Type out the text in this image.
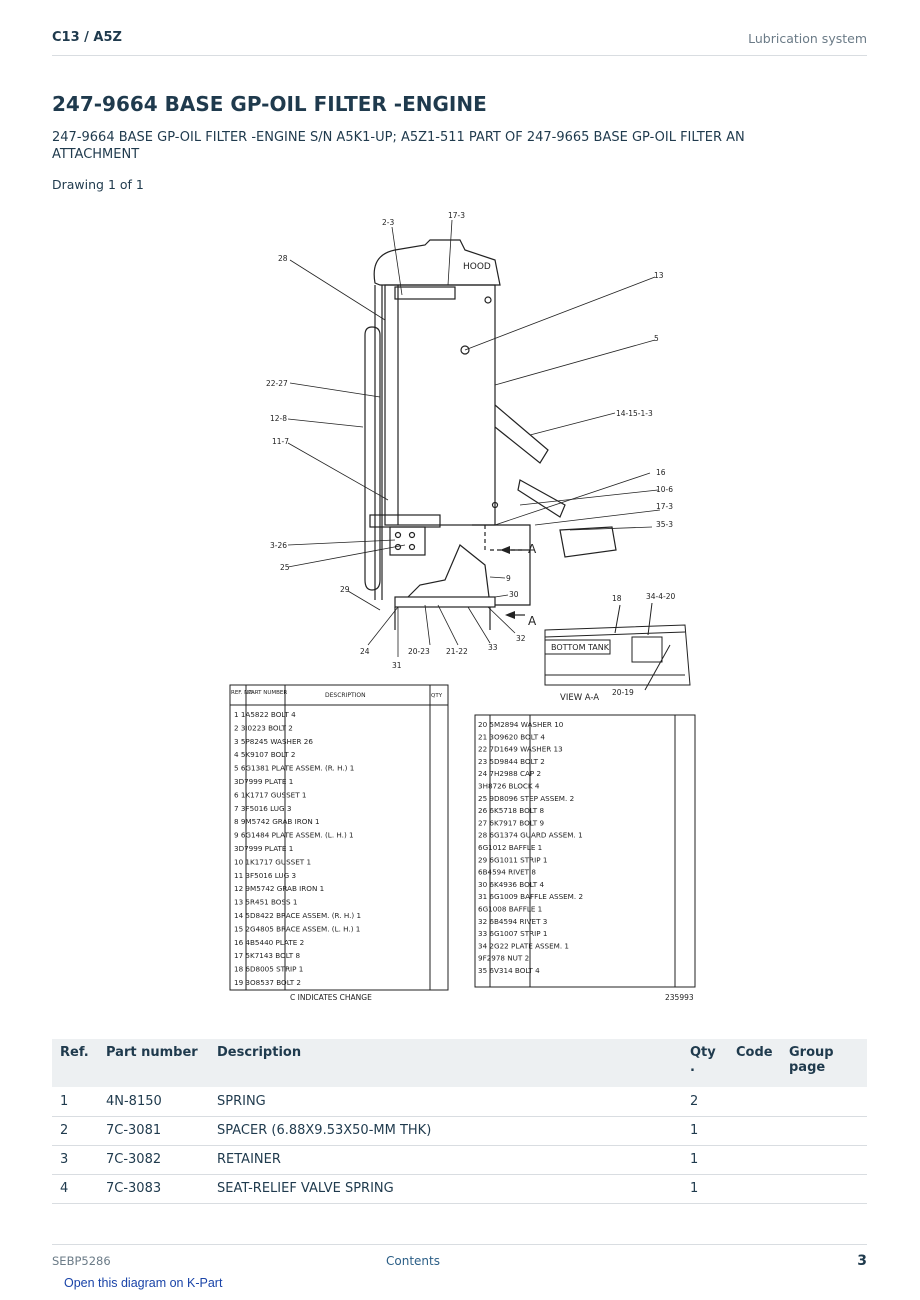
C13 / A5Z	Lubrication system
247-9664 BASE GP-OIL FILTER -ENGINE
247-9664 BASE GP-OIL FILTER -ENGINE S/N A5K1-UP; A5Z1-511 PART OF 247-9665 BASE GP-OIL FILTER AN ATTACHMENT
Drawing 1 of 1
HOOD
A
A
2-3
17-3
28
13
5
22-27
12-8
11-7
14-15-1-3
16
10-6
17-3
35-3
3-26
25
9
30
29
24
31
20-23 21-22	33
32
18	34-4-20
20-19
BOTTOM TANK
VIEW A-A
REF. NO.
PART NUMBER	DESCRIPTION	QTY
1 1A5822 BOLT 4
2 3I0223 BOLT 2
3 5P8245 WASHER 26
4 5K9107 BOLT 2
5 6G1381 PLATE ASSEM. (R. H.) 1
3D7999 PLATE 1
6 1K1717 GUSSET 1
7 3F5016 LUG 3
8 9M5742 GRAB IRON 1
9 6G1484 PLATE ASSEM. (L. H.) 1
3D7999 PLATE 1
10 1K1717 GUSSET 1
11 3F5016 LUG 3
12 9M5742 GRAB IRON 1
13 5R451 BOSS 1
14 5D8422 BRACE ASSEM. (R. H.) 1
15 2G4805 BRACE ASSEM. (L. H.) 1
16 4B5440 PLATE 2
17 5K7143 BOLT 8
18 6D8005 STRIP 1
19 3O8537 BOLT 2
20 5M2894 WASHER 10
21 3O9620 BOLT 4
22 7D1649 WASHER 13
23 5D9844 BOLT 2
24 7H2988 CAP 2
3H8726 BLOCK 4
25 9D8096 STEP ASSEM. 2
26 6K5718 BOLT 8
27 6K7917 BOLT 9
28 6G1374 GUARD ASSEM. 1
6G1012 BAFFLE 1
29 6G1011 STRIP 1
6B4594 RIVET 8
30 6K4936 BOLT 4
31 6G1009 BAFFLE ASSEM. 2
6G1008 BAFFLE 1
32 6B4594 RIVET 3
33 6G1007 STRIP 1
34 2G22 PLATE ASSEM. 1
9F2978 NUT 2
35 6V314 BOLT 4
C INDICATES CHANGE	235993
Ref.	Part number	Description	Qty .	Code	Group page
1	4N-8150	SPRING	2		
2	7C-3081	SPACER (6.88X9.53X50-MM THK)	1		
3	7C-3082	RETAINER	1		
4	7C-3083	SEAT-RELIEF VALVE SPRING	1		
SEBP5286	Contents	3
Open this diagram on K-Part
